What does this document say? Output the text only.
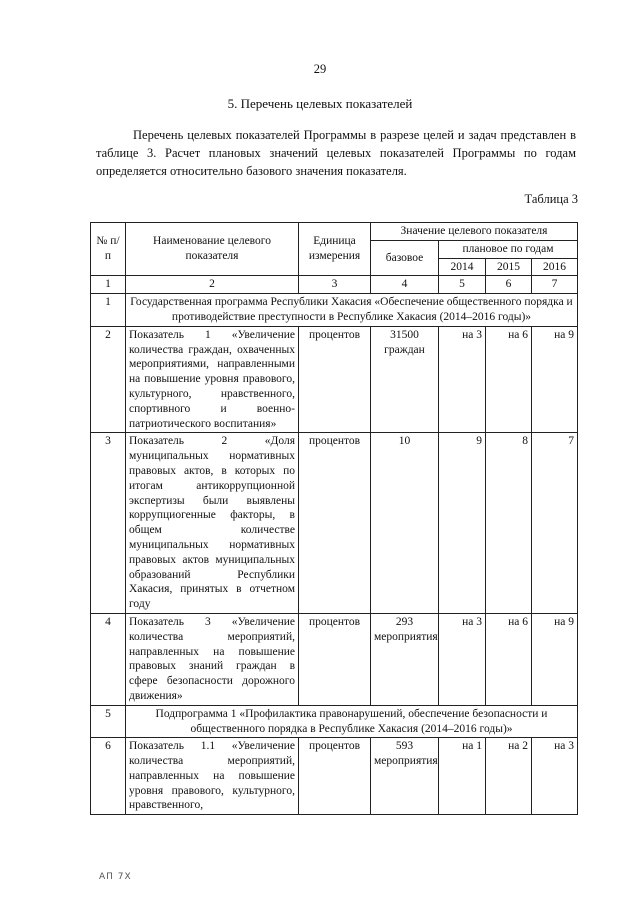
29
5. Перечень целевых показателей

Перечень целевых показателей Программы в разрезе целей и задач представлен в таблице 3. Расчет плановых значений целевых показателей Программы по годам определяется относительно базового значения показателя.

Таблица 3
№ п/п	Наименование целевого показателя	Единица измерения	Значение целевого показателя			
			базовое	плановое по годам		
				2014	2015	2016
1	2	3	4	5	6	7
1	Государственная программа Республики Хакасия «Обеспечение общественного порядка и противодействие преступности в Республике Хакасия (2014–2016 годы)»					
2	Показатель 1 «Увеличение количества граждан, охваченных мероприятиями, направленными на повышение уровня правового, культурного, нравственного, спортивного и военно-патриотического воспитания»	процентов	31500 граждан	на 3	на 6	на 9
3	Показатель 2 «Доля муниципальных нормативных правовых актов, в которых по итогам антикоррупционной экспертизы были выявлены коррупциогенные факторы, в общем количестве муниципальных нормативных правовых актов муниципальных образований Республики Хакасия, принятых в отчетном году	процентов	10	9	8	7
4	Показатель 3 «Увеличение количества мероприятий, направленных на повышение правовых знаний граждан в сфере безопасности дорожного движения»	процентов	293 мероприятия	на 3	на 6	на 9
5	Подпрограмма 1 «Профилактика правонарушений, обеспечение безопасности и общественного порядка в Республике Хакасия (2014–2016 годы)»					
6	Показатель 1.1 «Увеличение количества мероприятий, направленных на повышение уровня правового, культурного, нравственного,	процентов	593 мероприятия	на 1	на 2	на 3
АП 7Х
